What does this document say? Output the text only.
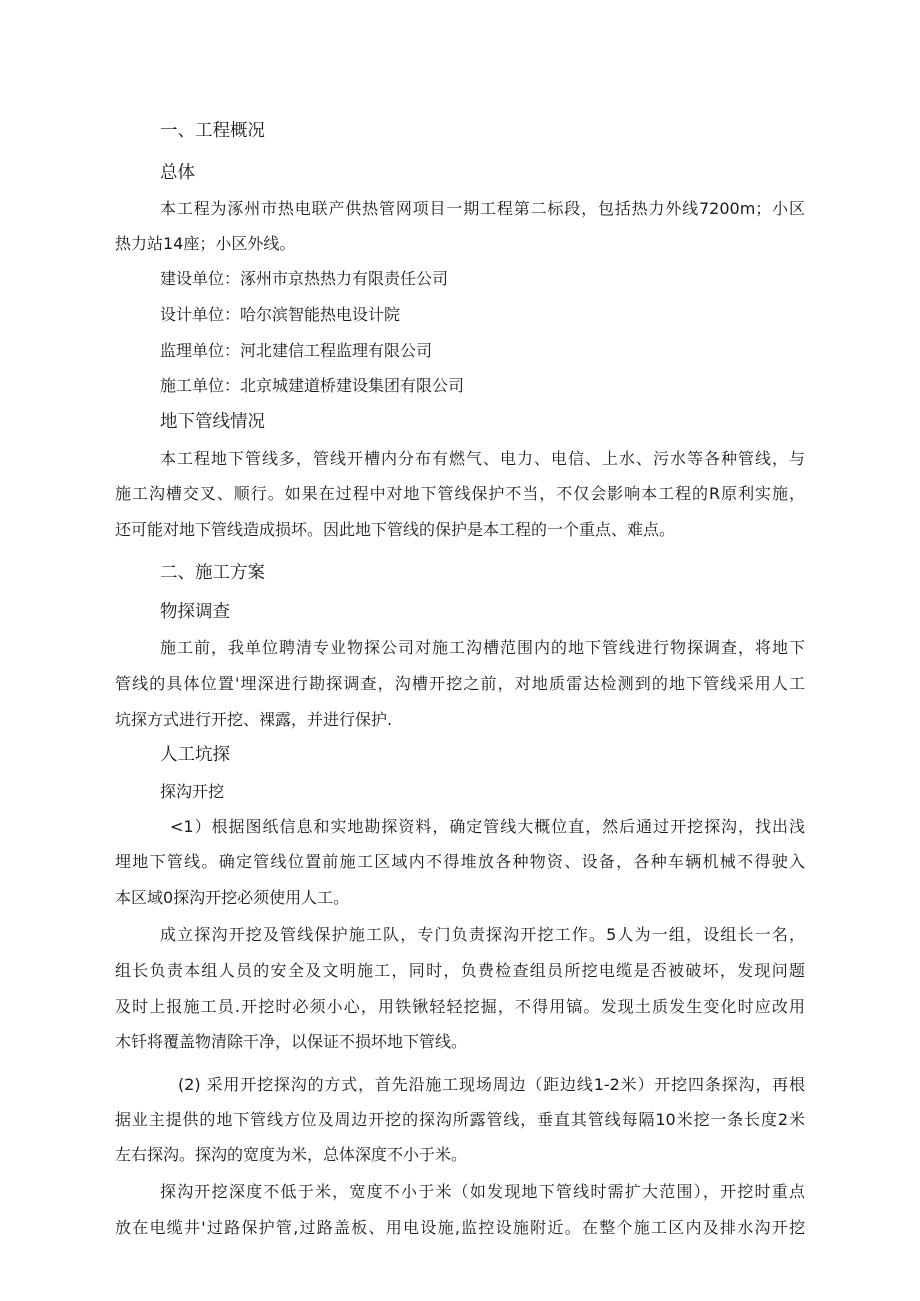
一、工程概况

总体

本工程为涿州市热电联产供热管网项目一期工程第二标段，包括热力外线7200m；小区

热力站14座；小区外线。

建设单位：涿州市京热热力有限责任公司

设计单位：哈尔滨智能热电设计院

监理单位：河北建信工程监理有限公司

施工单位：北京城建道桥建设集团有限公司

地下管线情况

本工程地下管线多，管线开槽内分布有燃气、电力、电信、上水、污水等各种管线，与

施工沟槽交叉、顺行。如果在过程中对地下管线保护不当，不仅会影响本工程的R原利实施，

还可能对地下管线造成损坏。因此地下管线的保护是本工程的一个重点、难点。

二、施工方案

物探调查

施工前，我单位聘清专业物探公司对施工沟槽范围内的地下管线进行物探调查，将地下

管线的具体位置'埋深进行勘探调查，沟槽开挖之前，对地质雷达检测到的地下管线采用人工

坑探方式进行开挖、裸露，并进行保护.

人工坑探

探沟开挖

<1）根据图纸信息和实地勘探资料，确定管线大概位直，然后通过开挖探沟，找出浅

埋地下管线。确定管线位置前施工区域内不得堆放各种物资、设备，各种车辆机械不得驶入

本区域0探沟开挖必须使用人工。

成立探沟开挖及管线保护施工队，专门负责探沟开挖工作。5人为一组，设组长一名，

组长负责本组人员的安全及文明施工，同时，负费检查组员所挖电缆是否被破坏，发现问题

及时上报施工员.开挖时必须小心，用铁锹轻轻挖掘，不得用镐。发现土质发生变化时应改用

木钎将覆盖物清除干净，以保证不损坏地下管线。

(2) 采用开挖探沟的方式，首先沿施工现场周边（距边线1-2米）开挖四条探沟，再根

据业主提供的地下管线方位及周边开挖的探沟所露管线，垂直其管线每隔10米挖一条长度2米

左右探沟。探沟的宽度为米，总体深度不小于米。

探沟开挖深度不低于米，宽度不小于米（如发现地下管线时需扩大范围），开挖时重点

放在电缆井'过路保护管,过路盖板、用电设施,监控设施附近。在整个施工区内及排水沟开挖
